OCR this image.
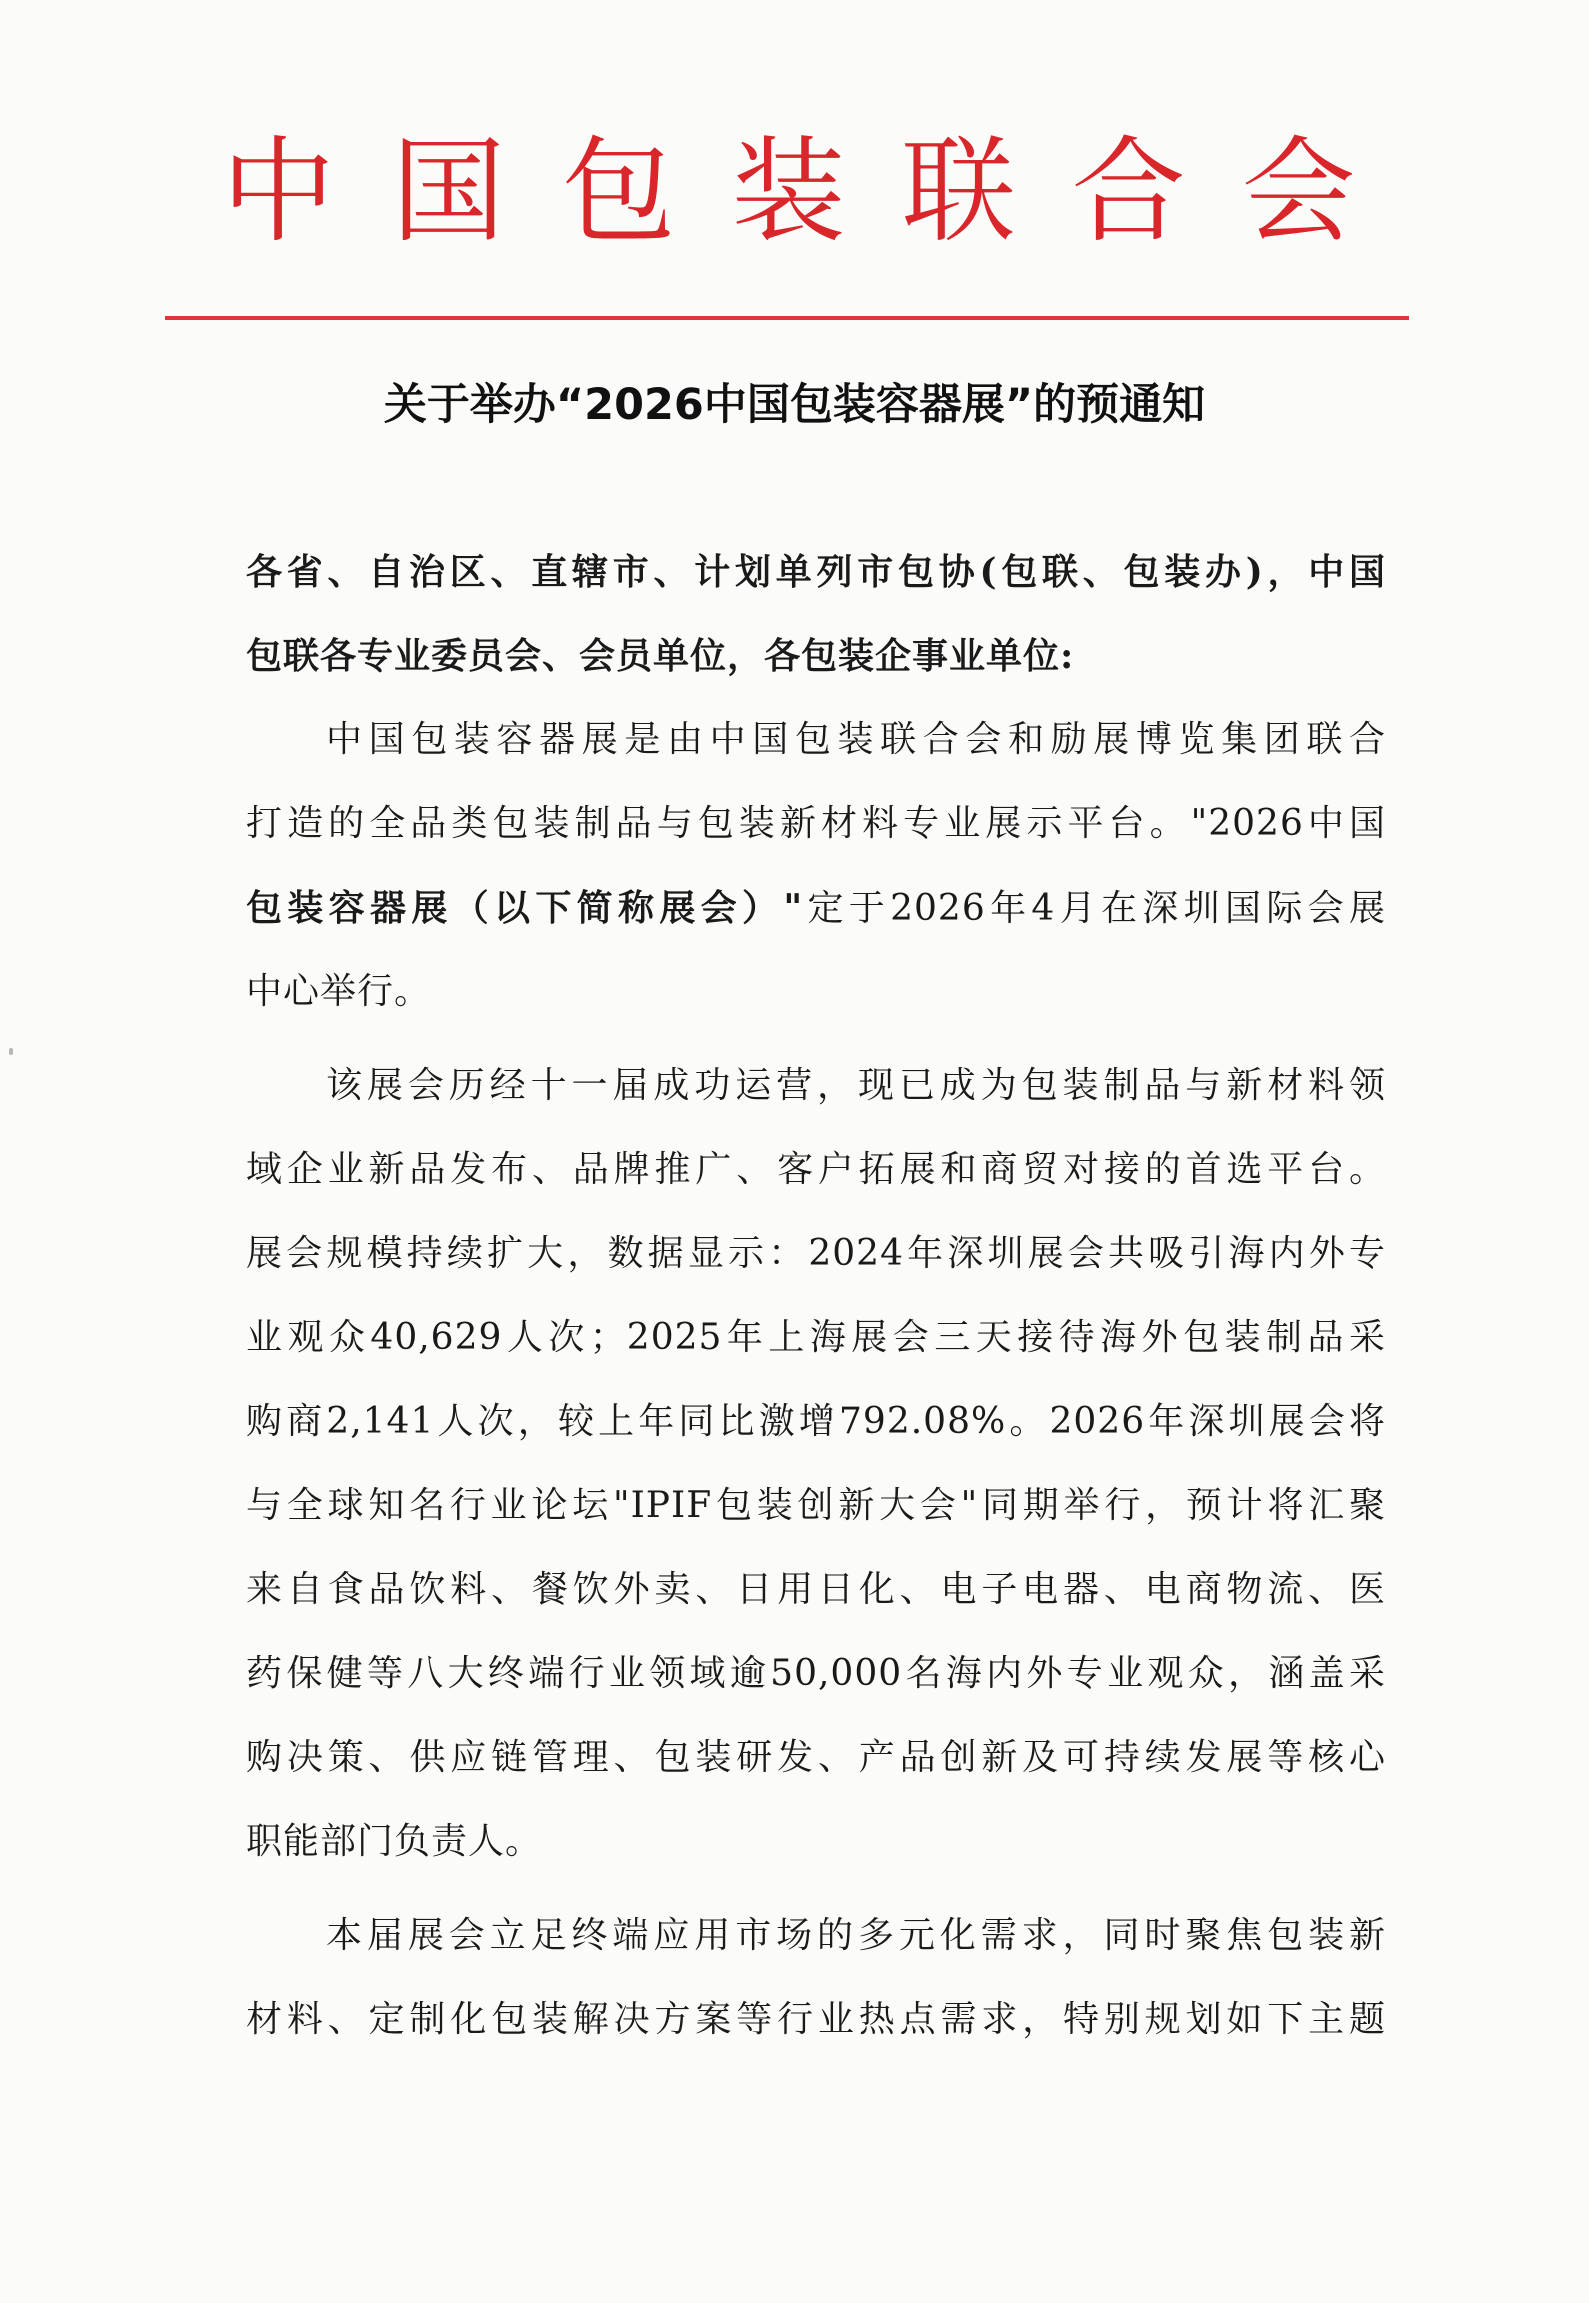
中国包装联合会
关于举办“2026中国包装容器展”的预通知
各省、自治区、直辖市、计划单列市包协(包联、包装办)，中国
包联各专业委员会、会员单位，各包装企事业单位:
中国包装容器展是由中国包装联合会和励展博览集团联合
打造的全品类包装制品与包装新材料专业展示平台。"2026中国
包装容器展（以下简称展会）"定于2026年4月在深圳国际会展
中心举行。
该展会历经十一届成功运营，现已成为包装制品与新材料领
域企业新品发布、品牌推广、客户拓展和商贸对接的首选平台。
展会规模持续扩大，数据显示：2024年深圳展会共吸引海内外专
业观众40,629人次；2025年上海展会三天接待海外包装制品采
购商2,141人次，较上年同比激增792.08%。2026年深圳展会将
与全球知名行业论坛"IPIF包装创新大会"同期举行，预计将汇聚
来自食品饮料、餐饮外卖、日用日化、电子电器、电商物流、医
药保健等八大终端行业领域逾50,000名海内外专业观众，涵盖采
购决策、供应链管理、包装研发、产品创新及可持续发展等核心
职能部门负责人。
本届展会立足终端应用市场的多元化需求，同时聚焦包装新
材料、定制化包装解决方案等行业热点需求，特别规划如下主题
